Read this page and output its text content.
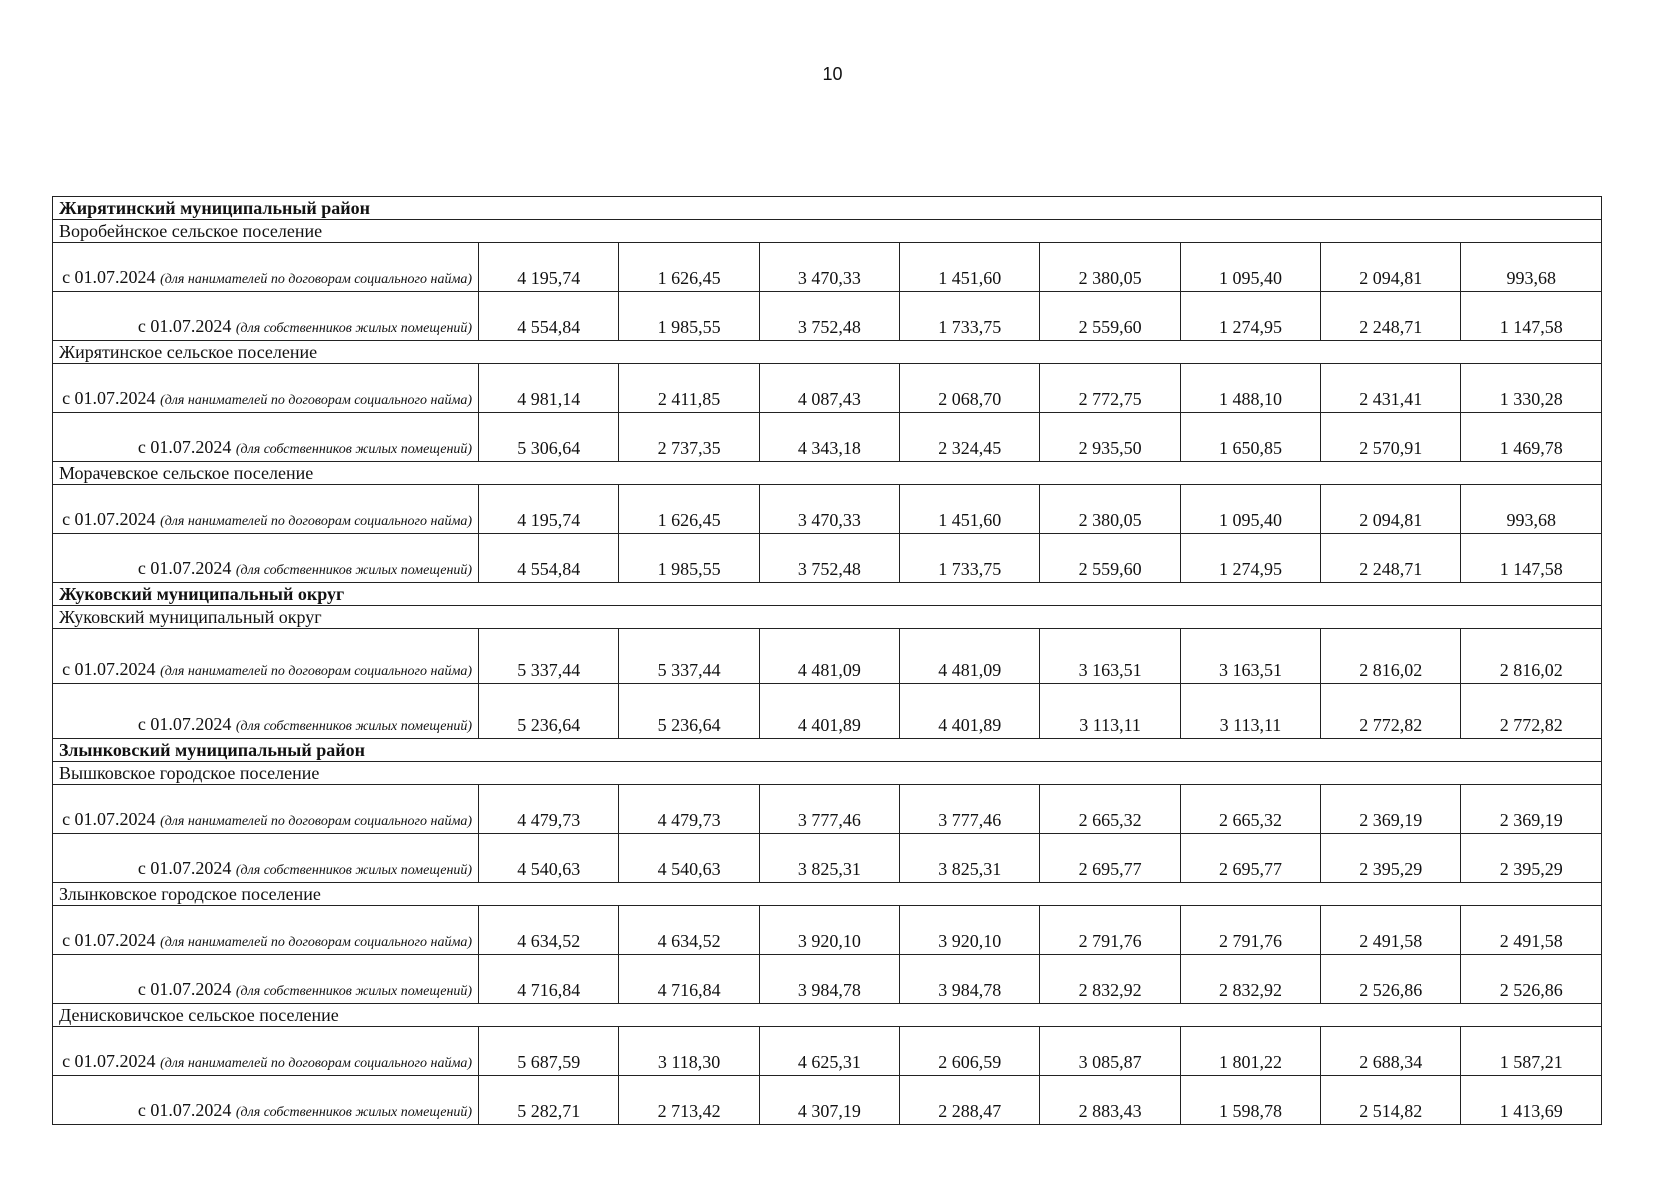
10
Жирятинский муниципальный район								
Воробейнское сельское поселение								
с 01.07.2024 (для нанимателей по договорам социального найма)	4 195,74	1 626,45	3 470,33	1 451,60	2 380,05	1 095,40	2 094,81	993,68
с 01.07.2024 (для собственников жилых помещений)	4 554,84	1 985,55	3 752,48	1 733,75	2 559,60	1 274,95	2 248,71	1 147,58
Жирятинское сельское поселение								
с 01.07.2024 (для нанимателей по договорам социального найма)	4 981,14	2 411,85	4 087,43	2 068,70	2 772,75	1 488,10	2 431,41	1 330,28
с 01.07.2024 (для собственников жилых помещений)	5 306,64	2 737,35	4 343,18	2 324,45	2 935,50	1 650,85	2 570,91	1 469,78
Морачевское сельское поселение								
с 01.07.2024 (для нанимателей по договорам социального найма)	4 195,74	1 626,45	3 470,33	1 451,60	2 380,05	1 095,40	2 094,81	993,68
с 01.07.2024 (для собственников жилых помещений)	4 554,84	1 985,55	3 752,48	1 733,75	2 559,60	1 274,95	2 248,71	1 147,58
Жуковский муниципальный округ								
Жуковский муниципальный округ								
с 01.07.2024 (для нанимателей по договорам социального найма)	5 337,44	5 337,44	4 481,09	4 481,09	3 163,51	3 163,51	2 816,02	2 816,02
с 01.07.2024 (для собственников жилых помещений)	5 236,64	5 236,64	4 401,89	4 401,89	3 113,11	3 113,11	2 772,82	2 772,82
Злынковский муниципальный район								
Вышковское городское поселение								
с 01.07.2024 (для нанимателей по договорам социального найма)	4 479,73	4 479,73	3 777,46	3 777,46	2 665,32	2 665,32	2 369,19	2 369,19
с 01.07.2024 (для собственников жилых помещений)	4 540,63	4 540,63	3 825,31	3 825,31	2 695,77	2 695,77	2 395,29	2 395,29
Злынковское городское поселение								
с 01.07.2024 (для нанимателей по договорам социального найма)	4 634,52	4 634,52	3 920,10	3 920,10	2 791,76	2 791,76	2 491,58	2 491,58
с 01.07.2024 (для собственников жилых помещений)	4 716,84	4 716,84	3 984,78	3 984,78	2 832,92	2 832,92	2 526,86	2 526,86
Денисковичское сельское поселение								
с 01.07.2024 (для нанимателей по договорам социального найма)	5 687,59	3 118,30	4 625,31	2 606,59	3 085,87	1 801,22	2 688,34	1 587,21
с 01.07.2024 (для собственников жилых помещений)	5 282,71	2 713,42	4 307,19	2 288,47	2 883,43	1 598,78	2 514,82	1 413,69
